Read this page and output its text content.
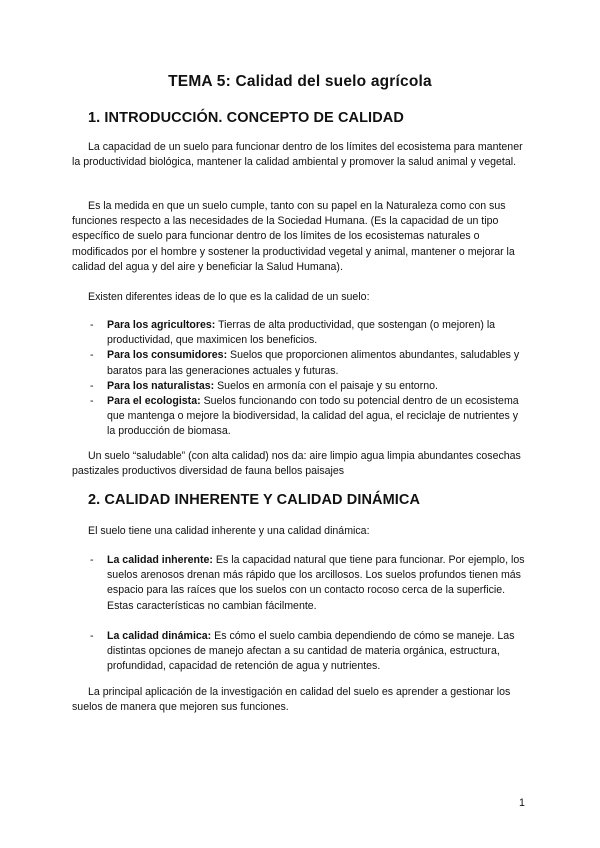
TEMA 5: Calidad del suelo agrícola
1. INTRODUCCIÓN. CONCEPTO DE CALIDAD

La capacidad de un suelo para funcionar dentro de los límites del ecosistema para mantener la productividad biológica, mantener la calidad ambiental y promover la salud animal y vegetal.

Es la medida en que un suelo cumple, tanto con su papel en la Naturaleza como con sus funciones respecto a las necesidades de la Sociedad Humana. (Es la capacidad de un tipo específico de suelo para funcionar dentro de los límites de los ecosistemas naturales o modificados por el hombre y sostener la productividad vegetal y animal, mantener o mejorar la calidad del agua y del aire y beneficiar la Salud Humana).

Existen diferentes ideas de lo que es la calidad de un suelo:

- Para los agricultores: Tierras de alta productividad, que sostengan (o mejoren) la productividad, que maximicen los beneficios.
- Para los consumidores: Suelos que proporcionen alimentos abundantes, saludables y baratos para las generaciones actuales y futuras.
- Para los naturalistas: Suelos en armonía con el paisaje y su entorno.
- Para el ecologista: Suelos funcionando con todo su potencial dentro de un ecosistema que mantenga o mejore la biodiversidad, la calidad del agua, el reciclaje de nutrientes y la producción de biomasa.

Un suelo “saludable” (con alta calidad) nos da: aire limpio agua limpia abundantes cosechas pastizales productivos diversidad de fauna bellos paisajes

2. CALIDAD INHERENTE Y CALIDAD DINÁMICA

El suelo tiene una calidad inherente y una calidad dinámica:

- La calidad inherente: Es la capacidad natural que tiene para funcionar. Por ejemplo, los suelos arenosos drenan más rápido que los arcillosos. Los suelos profundos tienen más espacio para las raíces que los suelos con un contacto rocoso cerca de la superficie. Estas características no cambian fácilmente.
- La calidad dinámica: Es cómo el suelo cambia dependiendo de cómo se maneje. Las distintas opciones de manejo afectan a su cantidad de materia orgánica, estructura, profundidad, capacidad de retención de agua y nutrientes.

La principal aplicación de la investigación en calidad del suelo es aprender a gestionar los suelos de manera que mejoren sus funciones.

1
